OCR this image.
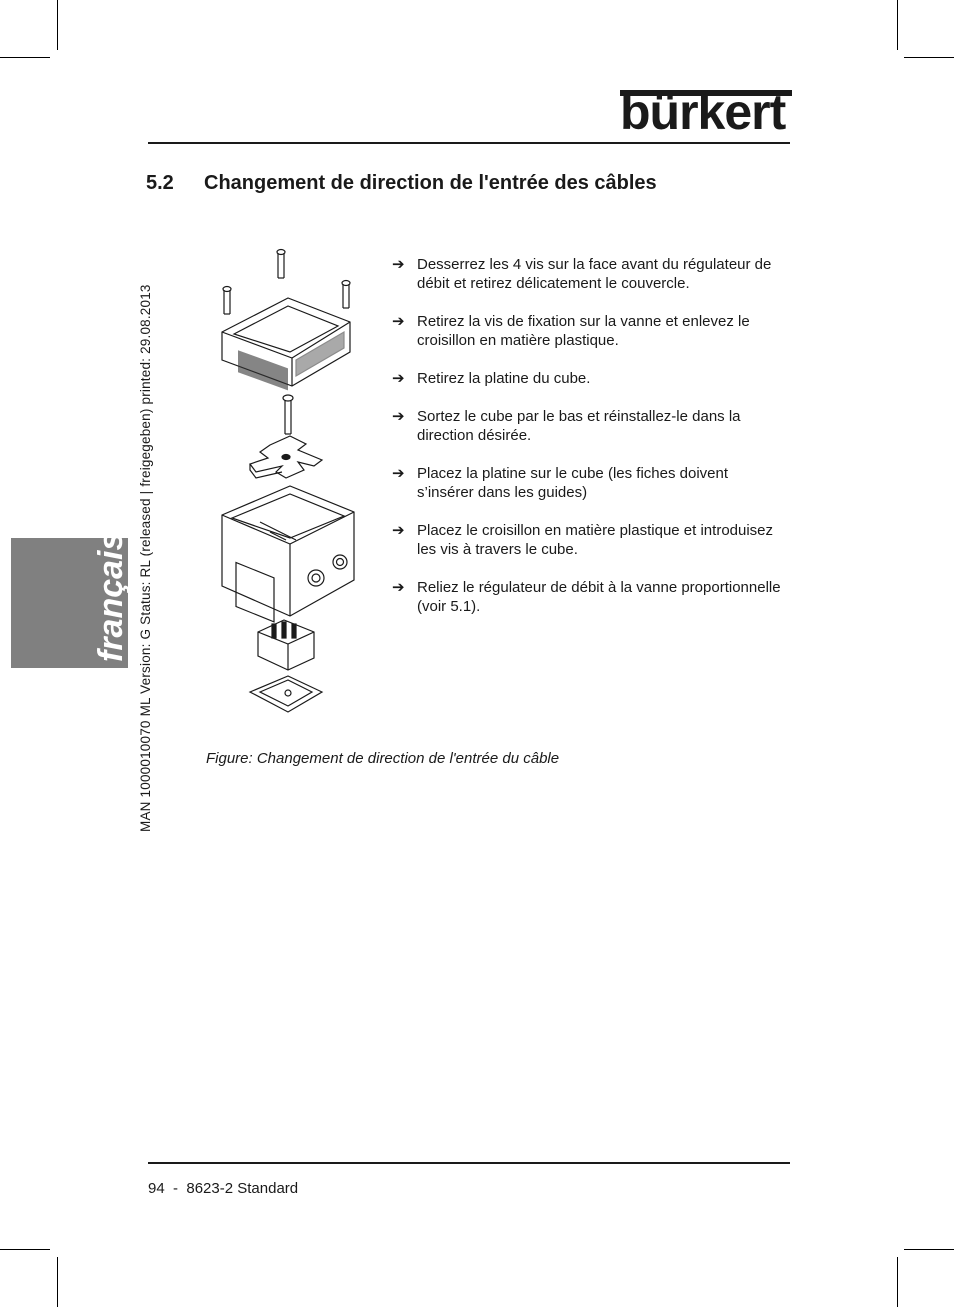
bürkert
5.2 Changement de direction de l'entrée des câbles
MAN 1000010070 ML Version: G Status: RL (released | freigegeben) printed: 29.08.2013
français
➔ Desserrez les 4 vis sur la face avant du régulateur de débit et retirez délicatement le couvercle.
➔ Retirez la vis de fixation sur la vanne et enlevez le croisillon en matière plastique.
➔ Retirez la platine du cube.
➔ Sortez le cube par le bas et réinstallez-le dans la direction désirée.
➔ Placez la platine sur le cube (les fiches doivent s’insérer dans les guides)
➔ Placez le croisillon en matière plastique et introduisez les vis à travers le cube.
➔ Reliez le régulateur de débit à la vanne proportionnelle (voir 5.1).
Figure: Changement de direction de l'entrée du câble
94 - 8623-2 Standard
